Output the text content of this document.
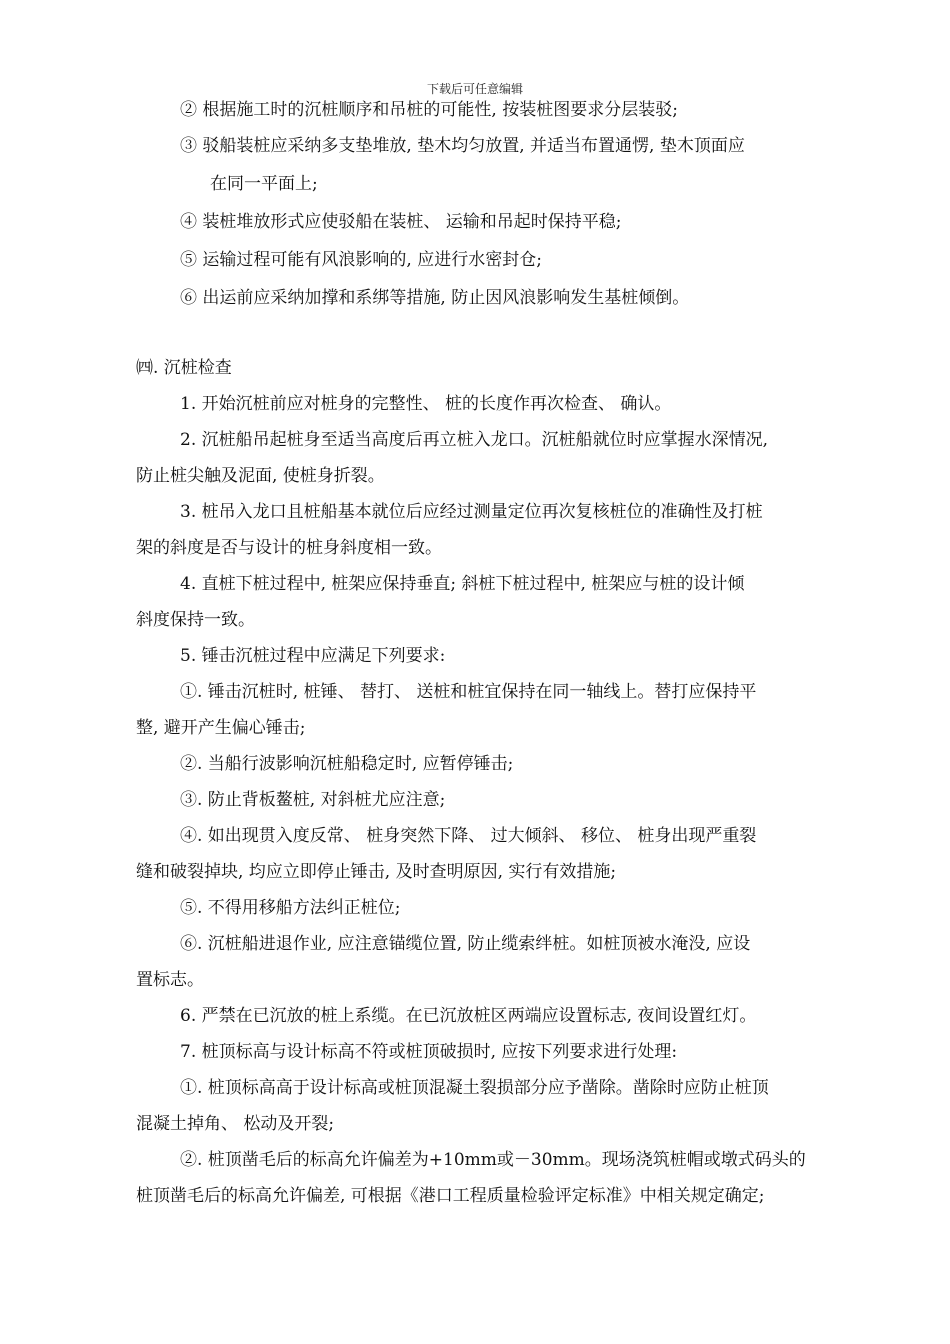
下载后可任意编辑
② 根据施工时的沉桩顺序和吊桩的可能性, 按装桩图要求分层装驳;
③ 驳船装桩应采纳多支垫堆放, 垫木均匀放置, 并适当布置通愣, 垫木顶面应
在同一平面上;
④ 装桩堆放形式应使驳船在装桩、 运输和吊起时保持平稳;
⑤ 运输过程可能有风浪影响的, 应进行水密封仓;
⑥ 出运前应采纳加撑和系绑等措施, 防止因风浪影响发生基桩倾倒。
㈣. 沉桩检查
1. 开始沉桩前应对桩身的完整性、 桩的长度作再次检查、 确认。
2. 沉桩船吊起桩身至适当高度后再立桩入龙口。沉桩船就位时应掌握水深情况,
防止桩尖触及泥面, 使桩身折裂。
3. 桩吊入龙口且桩船基本就位后应经过测量定位再次复核桩位的准确性及打桩
架的斜度是否与设计的桩身斜度相一致。
4. 直桩下桩过程中, 桩架应保持垂直; 斜桩下桩过程中, 桩架应与桩的设计倾
斜度保持一致。
5. 锤击沉桩过程中应满足下列要求:
①. 锤击沉桩时, 桩锤、 替打、 送桩和桩宜保持在同一轴线上。替打应保持平
整, 避开产生偏心锤击;
②. 当船行波影响沉桩船稳定时, 应暂停锤击;
③. 防止背板鳌桩, 对斜桩尤应注意;
④. 如出现贯入度反常、 桩身突然下降、 过大倾斜、 移位、 桩身出现严重裂
缝和破裂掉块, 均应立即停止锤击, 及时查明原因, 实行有效措施;
⑤. 不得用移船方法纠正桩位;
⑥. 沉桩船进退作业, 应注意锚缆位置, 防止缆索绊桩。如桩顶被水淹没, 应设
置标志。
6. 严禁在已沉放的桩上系缆。在已沉放桩区两端应设置标志, 夜间设置红灯。
7. 桩顶标高与设计标高不符或桩顶破损时, 应按下列要求进行处理:
①. 桩顶标高高于设计标高或桩顶混凝土裂损部分应予凿除。凿除时应防止桩顶
混凝土掉角、 松动及开裂;
②. 桩顶凿毛后的标高允许偏差为+10mm或－30mm。现场浇筑桩帽或墩式码头的
桩顶凿毛后的标高允许偏差, 可根据《港口工程质量检验评定标准》中相关规定确定;
